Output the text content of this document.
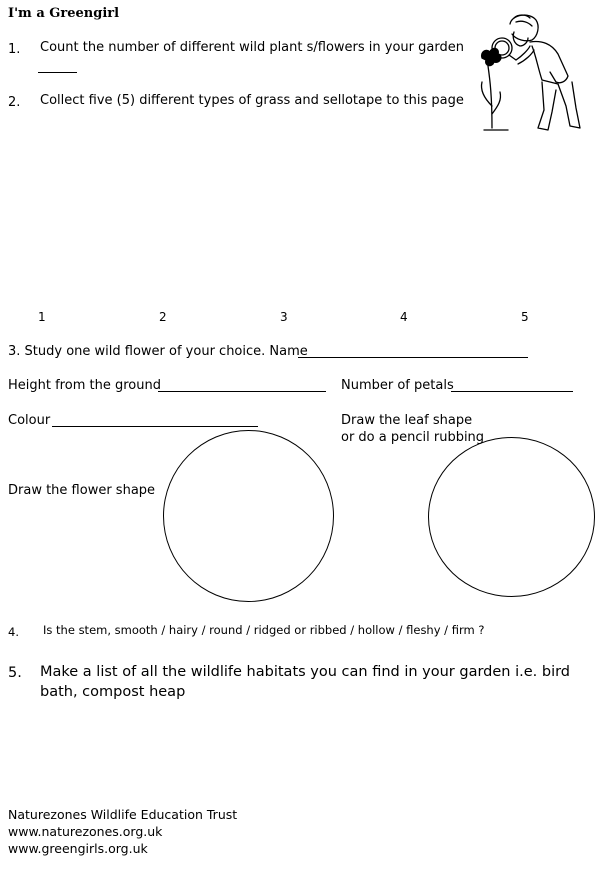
I'm a Greengirl
1. Count the number of different wild plant s/flowers in your garden
2. Collect five (5) different types of grass and sellotape to this page
1	2	3	4	5
3. Study one wild flower of your choice. Name
Height from the ground	Number of petals
Colour	Draw the leaf shape
or do a pencil rubbing
Draw the flower shape
4. Is the stem, smooth / hairy / round / ridged or ribbed / hollow / fleshy / firm ?
5. Make a list of all the wildlife habitats you can find in your garden i.e. bird
bath, compost heap
Naturezones Wildlife Education Trust
www.naturezones.org.uk
www.greengirls.org.uk
